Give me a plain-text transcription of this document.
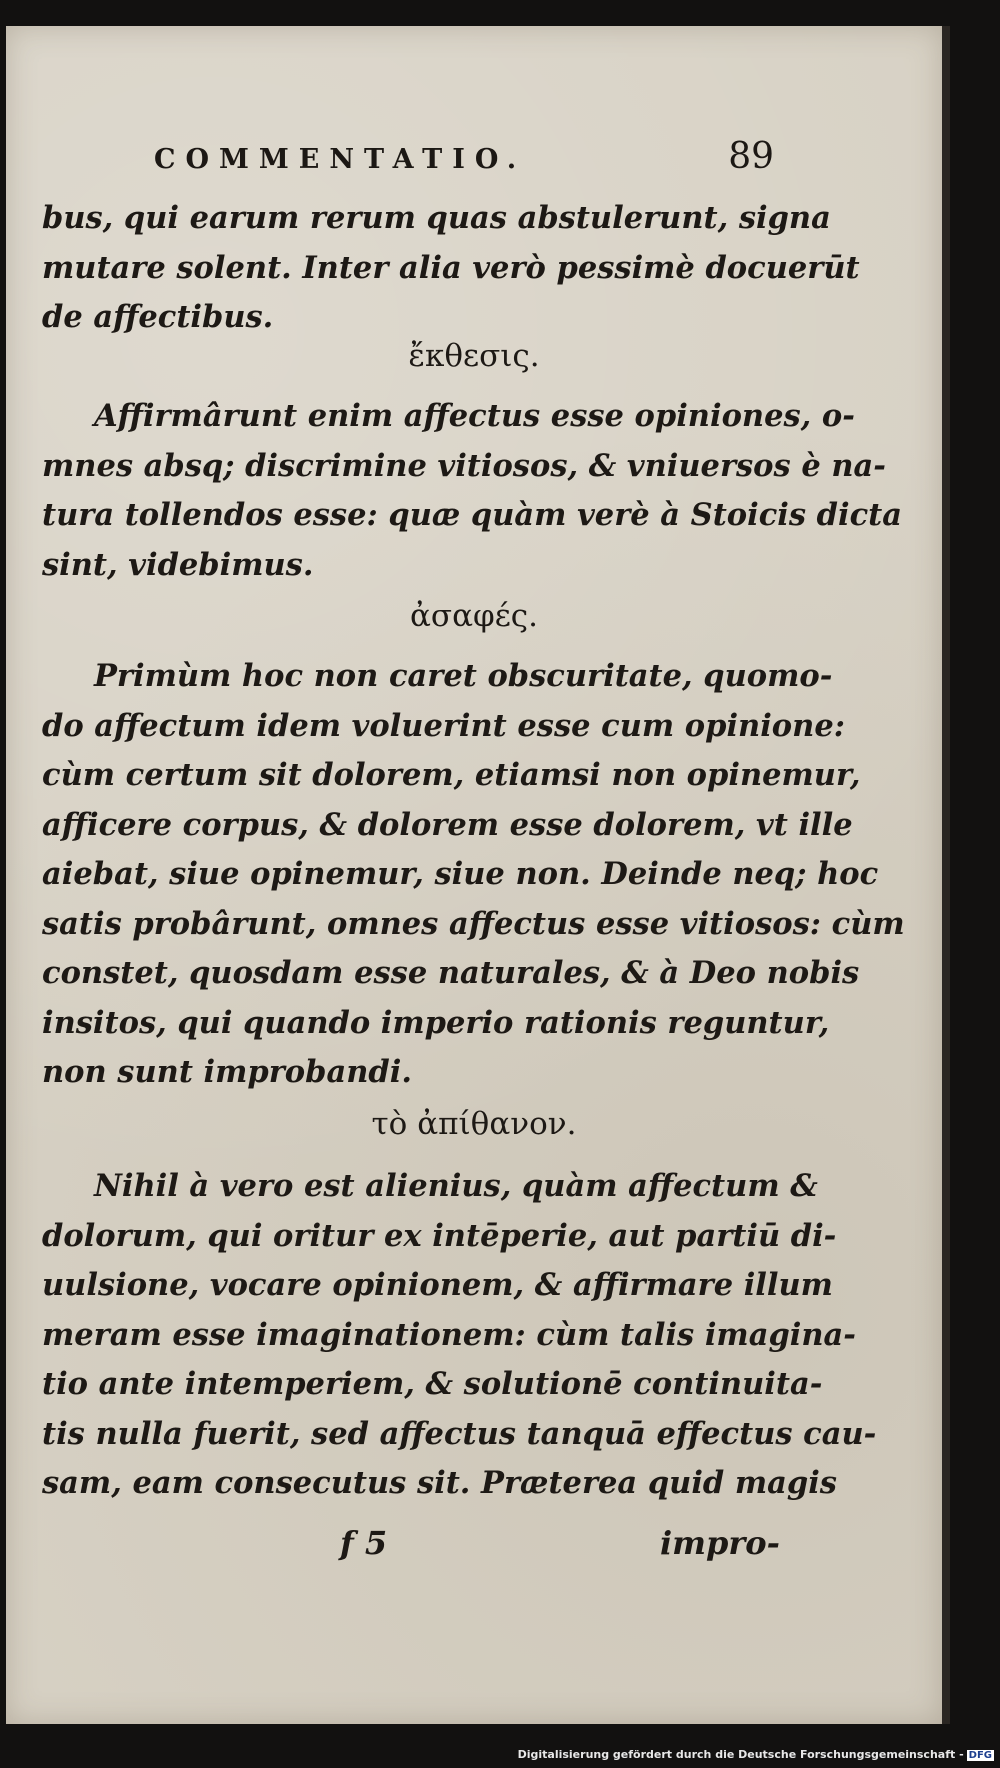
COMMENTATIO.	89
bus, qui earum rerum quas abstulerunt, signa
mutare solent. Inter alia verò pessimè docuerūt
de affectibus.
ἔκθεσις.
Affirmârunt enim affectus esse opiniones, o-
mnes absq; discrimine vitiosos, & vniuersos è na-
tura tollendos esse: quæ quàm verè à Stoicis dicta
sint, videbimus.
ἀσαφές.
Primùm hoc non caret obscuritate, quomo-
do affectum idem voluerint esse cum opinione:
cùm certum sit dolorem, etiamsi non opinemur,
afficere corpus, & dolorem esse dolorem, vt ille
aiebat, siue opinemur, siue non. Deinde neq; hoc
satis probârunt, omnes affectus esse vitiosos: cùm
constet, quosdam esse naturales, & à Deo nobis
insitos, qui quando imperio rationis reguntur,
non sunt improbandi.
τὸ ἀπίθανον.
Nihil à vero est alienius, quàm affectum &
dolorum, qui oritur ex intēperie, aut partiū di-
uulsione, vocare opinionem, & affirmare illum
meram esse imaginationem: cùm talis imagina-
tio ante intemperiem, & solutionē continuita-
tis nulla fuerit, sed affectus tanquā effectus cau-
sam, eam consecutus sit. Præterea quid magis
f 5	impro-
Digitalisierung gefördert durch die Deutsche Forschungsgemeinschaft - DFG
